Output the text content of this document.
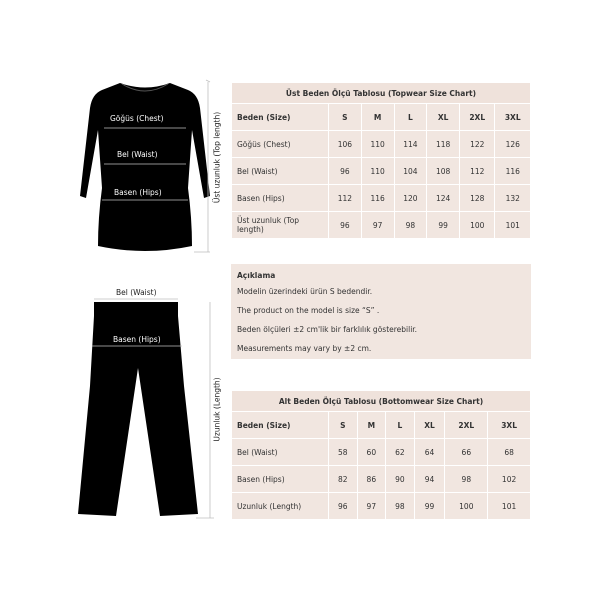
Göğüs (Chest)
Bel (Waist)
Basen (Hips)	Üst uzunluk (Top length)
Bel (Waist)
Basen (Hips)
Uzunluk (Length)
Üst Beden Ölçü Tablosu (Topwear Size Chart)						
Beden (Size)	S	M	L	XL	2XL	3XL
Göğüs (Chest)	106	110	114	118	122	126
Bel (Waist)	96	110	104	108	112	116
Basen (Hips)	112	116	120	124	128	132
Üst uzunluk (Top length)	96	97	98	99	100	101
Açıklama
Modelin üzerindeki ürün S bedendir.
The product on the model is size “S” .
Beden ölçüleri ±2 cm'lik bir farklılık gösterebilir.
Measurements may vary by ±2 cm.
Alt Beden Ölçü Tablosu (Bottomwear Size Chart)						
Beden (Size)	S	M	L	XL	2XL	3XL
Bel (Waist)	58	60	62	64	66	68
Basen (Hips)	82	86	90	94	98	102
Uzunluk (Length)	96	97	98	99	100	101
